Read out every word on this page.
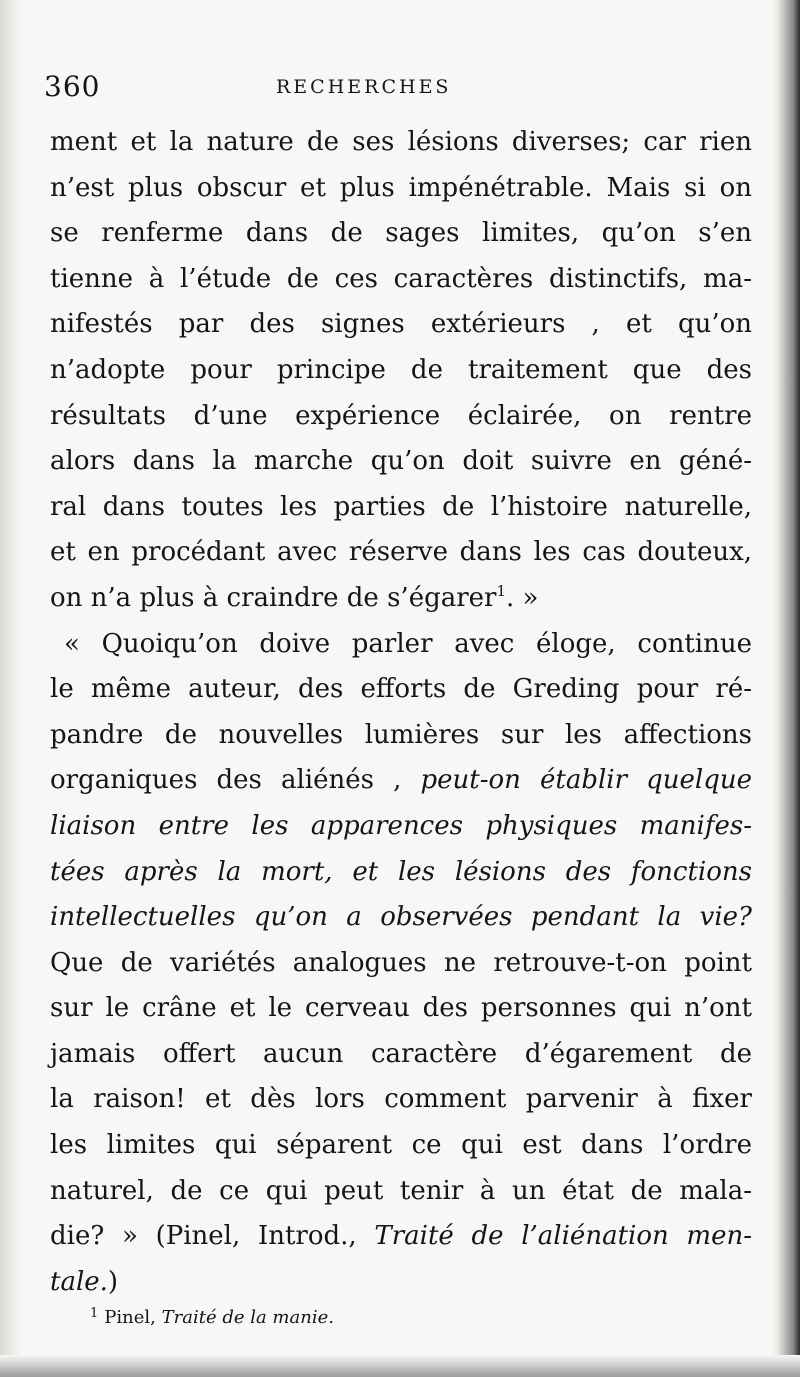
360	RECHERCHES
ment et la nature de ses lésions diverses; car rien
n’est plus obscur et plus impénétrable. Mais si on
se renferme dans de sages limites, qu’on s’en
tienne à l’étude de ces caractères distinctifs, ma-
nifestés par des signes extérieurs , et qu’on
n’adopte pour principe de traitement que des
résultats d’une expérience éclairée, on rentre
alors dans la marche qu’on doit suivre en géné-
ral dans toutes les parties de l’histoire naturelle,
et en procédant avec réserve dans les cas douteux,
on n’a plus à craindre de s’égarer$^1$. »
« Quoiqu’on doive parler avec éloge, continue
le même auteur, des efforts de Greding pour ré-
pandre de nouvelles lumières sur les affections
organiques des aliénés , peut-on établir quelque
liaison entre les apparences physiques manifes-
tées après la mort, et les lésions des fonctions
intellectuelles qu’on a observées pendant la vie?
Que de variétés analogues ne retrouve-t-on point
sur le crâne et le cerveau des personnes qui n’ont
jamais offert aucun caractère d’égarement de
la raison! et dès lors comment parvenir à fixer
les limites qui séparent ce qui est dans l’ordre
naturel, de ce qui peut tenir à un état de mala-
die? » (Pinel, Introd., Traité de l’aliénation men-
tale.)
$^1$ Pinel, Traité de la manie.
